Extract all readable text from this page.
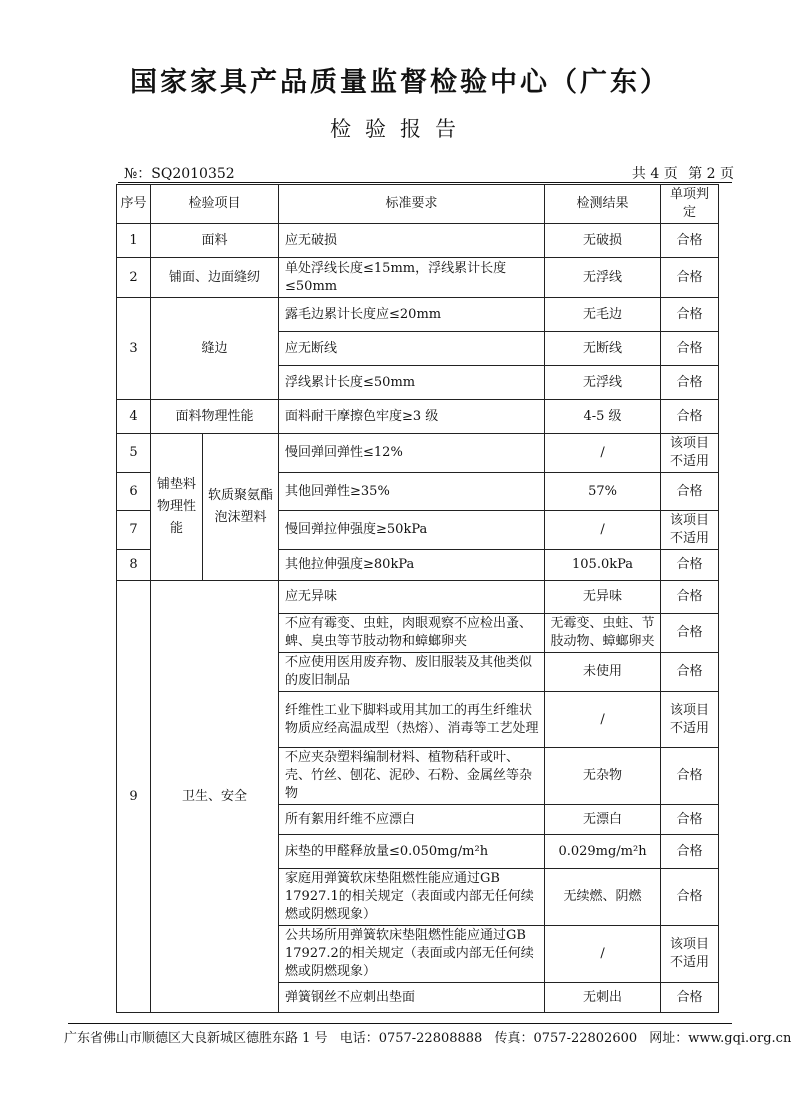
国家家具产品质量监督检验中心（广东）
检验报告
№：SQ2010352	共 4 页 第 2 页
序号	检验项目		标准要求	检测结果	单项判定
1	面料		应无破损	无破损	合格
2	铺面、边面缝纫		单处浮线长度≤15mm，浮线累计长度≤50mm	无浮线	合格
3	缝边		露毛边累计长度应≤20mm	无毛边	合格
			应无断线	无断线	合格
			浮线累计长度≤50mm	无浮线	合格
4	面料物理性能		面料耐干摩擦色牢度≥3 级	4-5 级	合格
5	铺垫料物理性能	软质聚氨酯泡沫塑料	慢回弹回弹性≤12%	/	该项目不适用
6			其他回弹性≥35%	57%	合格
7			慢回弹拉伸强度≥50kPa	/	该项目不适用
8			其他拉伸强度≥80kPa	105.0kPa	合格
9	卫生、安全		应无异味	无异味	合格
			不应有霉变、虫蛀，肉眼观察不应检出蚤、蜱、臭虫等节肢动物和蟑螂卵夹	无霉变、虫蛀、节肢动物、蟑螂卵夹	合格
			不应使用医用废弃物、废旧服装及其他类似的废旧制品	未使用	合格
			纤维性工业下脚料或用其加工的再生纤维状物质应经高温成型（热熔）、消毒等工艺处理	/	该项目不适用
			不应夹杂塑料编制材料、植物秸秆或叶、壳、竹丝、刨花、泥砂、石粉、金属丝等杂物	无杂物	合格
			所有絮用纤维不应漂白	无漂白	合格
			床垫的甲醛释放量≤0.050mg/m²h	0.029mg/m²h	合格
			家庭用弹簧软床垫阻燃性能应通过GB 17927.1的相关规定（表面或内部无任何续燃或阴燃现象）	无续燃、阴燃	合格
			公共场所用弹簧软床垫阻燃性能应通过GB 17927.2的相关规定（表面或内部无任何续燃或阴燃现象）	/	该项目不适用
			弹簧钢丝不应刺出垫面	无刺出	合格
广东省佛山市顺德区大良新城区德胜东路 1 号 电话：0757-22808888 传真：0757-22802600 网址：www.gqi.org.cn
